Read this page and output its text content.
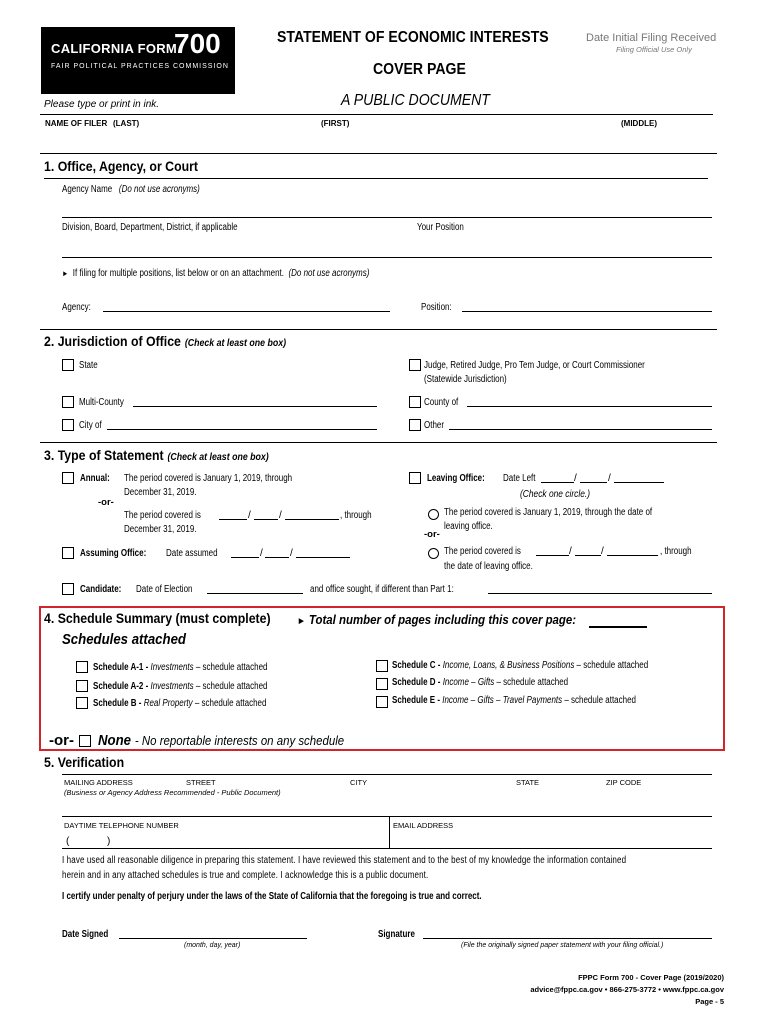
CALIFORNIA FORM
700
FAIR POLITICAL PRACTICES COMMISSION
STATEMENT OF ECONOMIC INTERESTS
COVER PAGE
A PUBLIC DOCUMENT
Date Initial Filing Received
Filing Official Use Only
Please type or print in ink.
NAME OF FILER (LAST)	(FIRST)	(MIDDLE)
1. Office, Agency, or Court
Agency Name (Do not use acronyms)
Division, Board, Department, District, if applicable	Your Position
► If filing for multiple positions, list below or on an attachment. (Do not use acronyms)
Agency:	Position:
2. Jurisdiction of Office (Check at least one box)
State	Judge, Retired Judge, Pro Tem Judge, or Court Commissioner
(Statewide Jurisdiction)
Multi-County	County of
City of	Other
3. Type of Statement (Check at least one box)
Annual: The period covered is January 1, 2019, through
December 31, 2019.
-or-
The period covered is	/	/	, through
December 31, 2019.
Assuming Office: Date assumed	/	/
Leaving Office: Date Left	/	/
(Check one circle.)
The period covered is January 1, 2019, through the date of
leaving office.
-or-
The period covered is	/	/	, through
the date of leaving office.
Candidate: Date of Election	and office sought, if different than Part 1:
4. Schedule Summary (must complete)	► Total number of pages including this cover page:
Schedules attached
Schedule A-1 - Investments – schedule attached
Schedule A-2 - Investments – schedule attached
Schedule B - Real Property – schedule attached
Schedule C - Income, Loans, & Business Positions – schedule attached
Schedule D - Income – Gifts – schedule attached
Schedule E - Income – Gifts – Travel Payments – schedule attached
-or- None - No reportable interests on any schedule
5. Verification
MAILING ADDRESS	STREET	CITY	STATE	ZIP CODE
(Business or Agency Address Recommended - Public Document)
DAYTIME TELEPHONE NUMBER	EMAIL ADDRESS
(	)
I have used all reasonable diligence in preparing this statement. I have reviewed this statement and to the best of my knowledge the information contained
herein and in any attached schedules is true and complete. I acknowledge this is a public document.
I certify under penalty of perjury under the laws of the State of California that the foregoing is true and correct.
Date Signed
(month, day, year)
Signature
(File the originally signed paper statement with your filing official.)
FPPC Form 700 - Cover Page (2019/2020)
advice@fppc.ca.gov • 866-275-3772 • www.fppc.ca.gov
Page - 5
